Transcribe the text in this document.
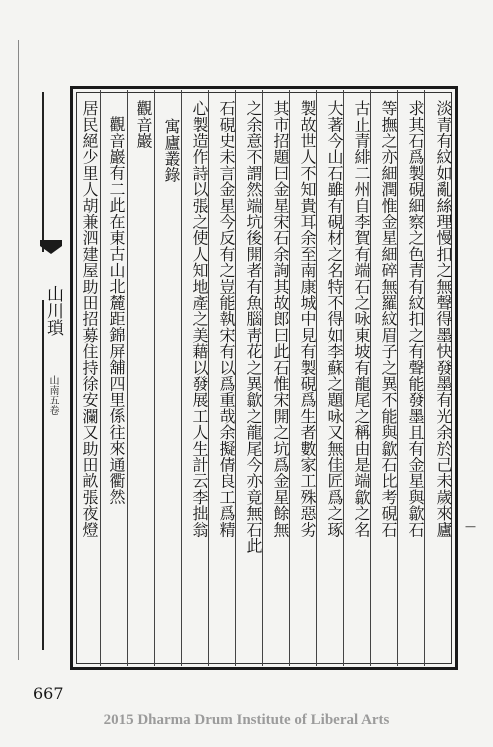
山川瑣
山南五卷	淡青有紋如亂絲理慢扣之無聲得墨快發墨有光余於己未歲來廬
求其石爲製硯細察之色青有紋扣之有聲能發墨且有金星與歙石
等撫之亦細潤惟金星細碎無羅紋眉子之異不能與歙石比考硯石
古止青緋二州自李賀有端石之咏東坡有龍尾之稱由是端歙之名
大著今山石雖有硯材之名特不得如李蘇之題咏又無佳匠爲之琢
製故世人不知貴耳余至南康城中見有製硯爲生者數家工殊惡劣
其市招題曰金星宋石余詢其故郎曰此石惟宋開之坑爲金星餘無
之余意不謂然端坑後開者有魚腦靑花之異歙之龍尾今亦竟無石此
石硯史未言金星今反有之豈能執宋有以爲重哉余擬倩良工爲精
心製造作詩以張之使人知地產之美藉以發展工人生計云李拙翁
寓廬叢錄
觀音巖
觀音巖有二此在東古山北麓距錦屏舖四里係往來通衢然
居民絕少里人胡兼泗建屋助田招募住持徐安瀾又助田畝張夜燈	—
667
2015 Dharma Drum Institute of Liberal Arts
